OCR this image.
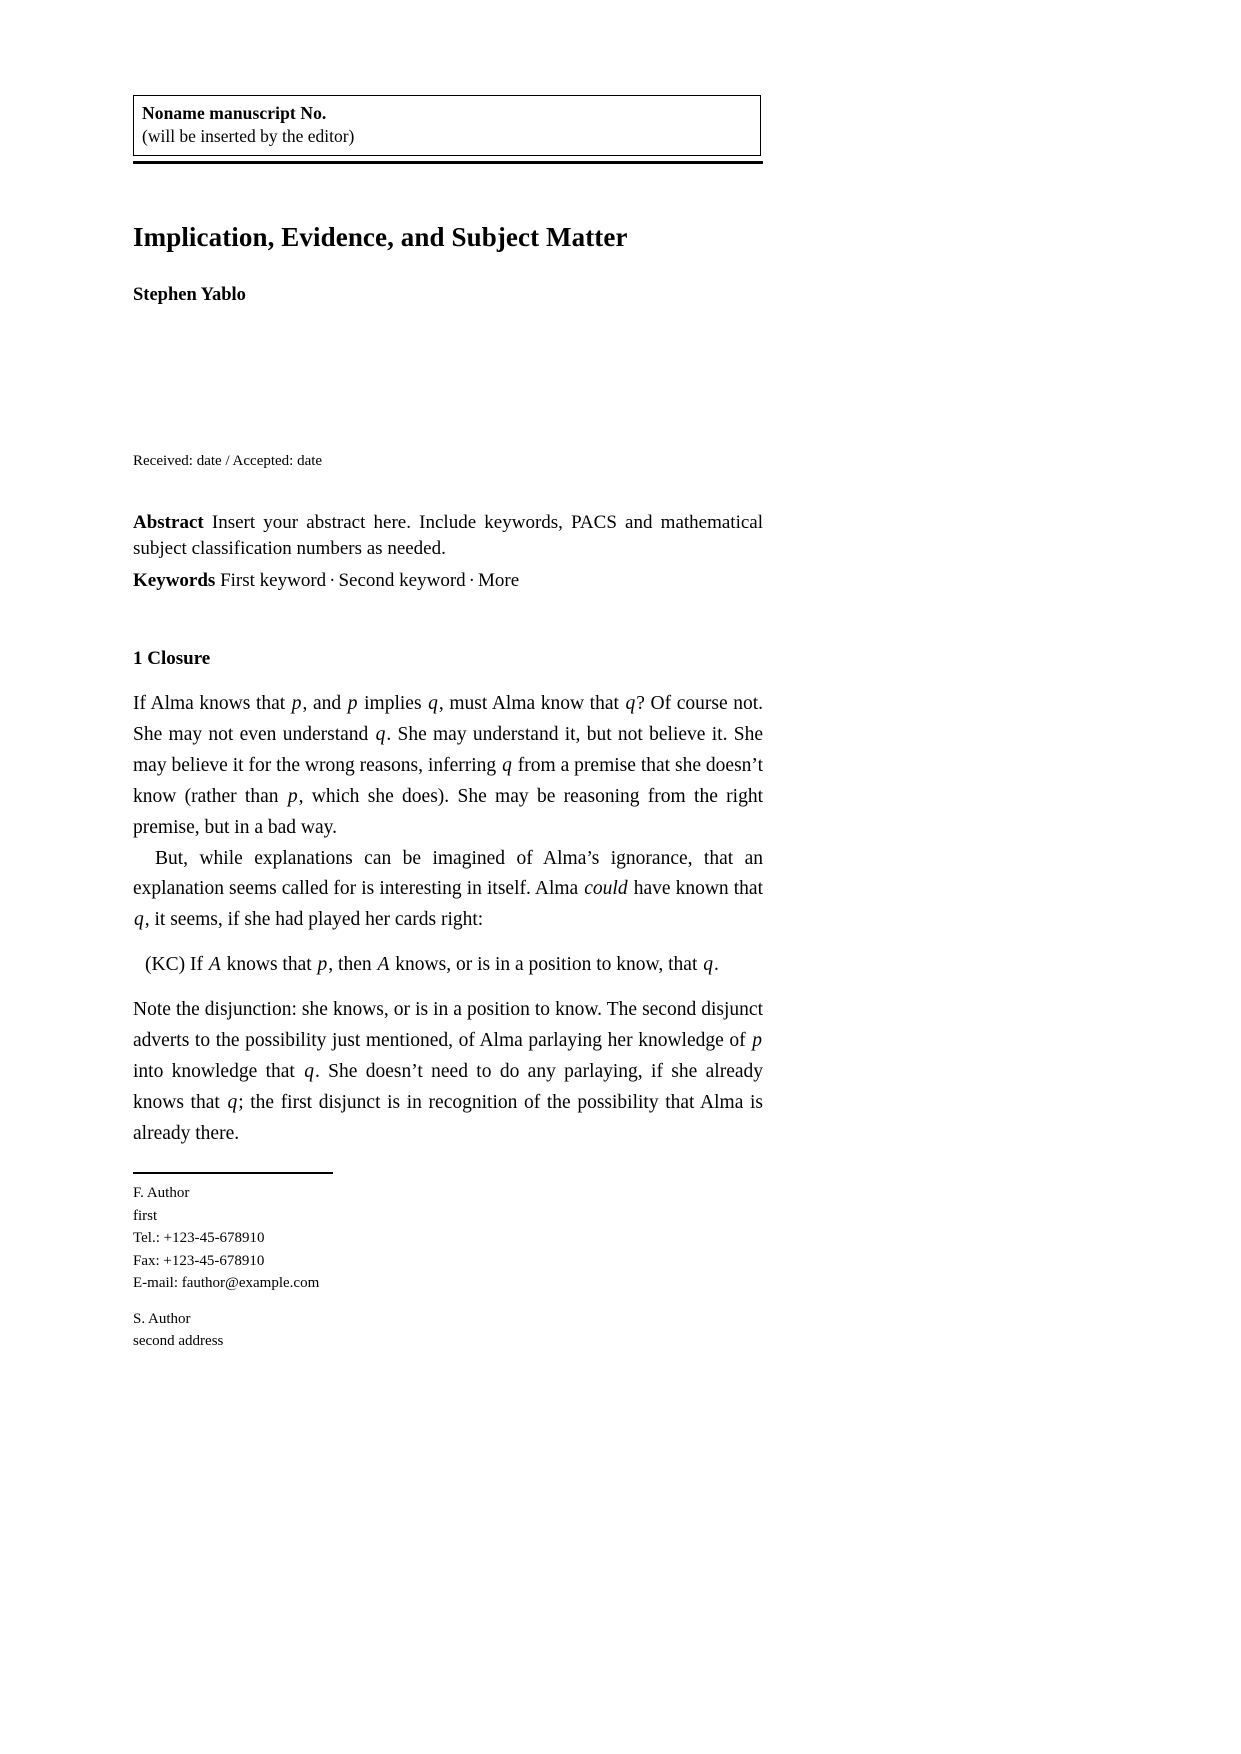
Noname manuscript No.
(will be inserted by the editor)
Implication, Evidence, and Subject Matter
Stephen Yablo
Received: date / Accepted: date
Abstract Insert your abstract here. Include keywords, PACS and mathematical subject classification numbers as needed.
Keywords First keyword · Second keyword · More
1 Closure

If Alma knows that p, and p implies q, must Alma know that q? Of course not. She may not even understand q. She may understand it, but not believe it. She may believe it for the wrong reasons, inferring q from a premise that she doesn’t know (rather than p, which she does). She may be reasoning from the right premise, but in a bad way.

But, while explanations can be imagined of Alma’s ignorance, that an explanation seems called for is interesting in itself. Alma could have known that q, it seems, if she had played her cards right:

(KC) If A knows that p, then A knows, or is in a position to know, that q.

Note the disjunction: she knows, or is in a position to know. The second disjunct adverts to the possibility just mentioned, of Alma parlaying her knowledge of p into knowledge that q. She doesn’t need to do any parlaying, if she already knows that q; the first disjunct is in recognition of the possibility that Alma is already there.

F. Author
first
Tel.: +123-45-678910
Fax: +123-45-678910
E-mail: fauthor@example.com
S. Author
second address
